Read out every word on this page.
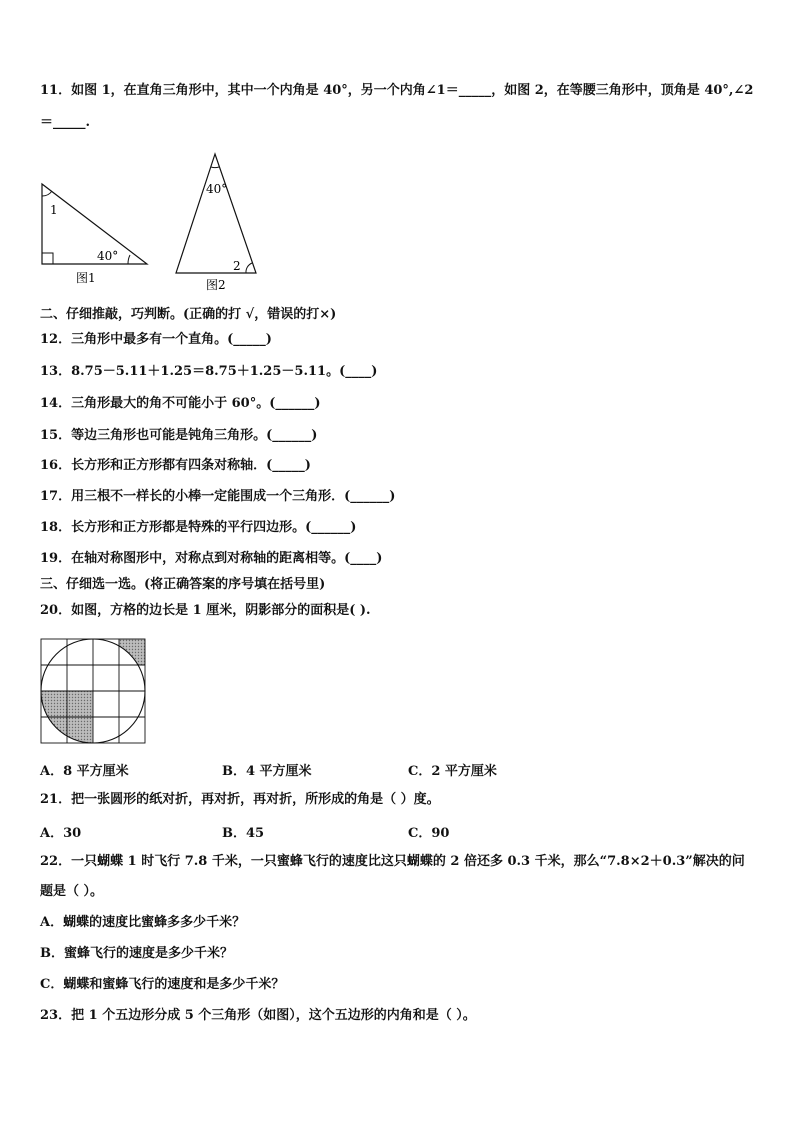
11．如图 1，在直角三角形中，其中一个内角是 40°，另一个内角∠1＝_____，如图 2，在等腰三角形中，顶角是 40°,∠2
＝_____.
1
40°
图1
40°
2
图2
二、仔细推敲，巧判断。(正确的打 √，错误的打×)
12．三角形中最多有一个直角。(_____)
13．8.75－5.11＋1.25＝8.75＋1.25－5.11。(____)
14．三角形最大的角不可能小于 60°。(______)
15．等边三角形也可能是钝角三角形。(______)
16．长方形和正方形都有四条对称轴．(_____)
17．用三根不一样长的小棒一定能围成一个三角形．(______)
18．长方形和正方形都是特殊的平行四边形。(______)
19．在轴对称图形中，对称点到对称轴的距离相等。(____)
三、仔细选一选。(将正确答案的序号填在括号里)
20．如图，方格的边长是 1 厘米，阴影部分的面积是( ).
A．8 平方厘米	B．4 平方厘米	C．2 平方厘米
21．把一张圆形的纸对折，再对折，再对折，所形成的角是（ ）度。
A．30	B．45	C．90
22．一只蝴蝶 1 时飞行 7.8 千米，一只蜜蜂飞行的速度比这只蝴蝶的 2 倍还多 0.3 千米，那么“7.8×2＋0.3”解决的问
题是（ ）。
A．蝴蝶的速度比蜜蜂多多少千米？
B．蜜蜂飞行的速度是多少千米？
C．蝴蝶和蜜蜂飞行的速度和是多少千米？
23．把 1 个五边形分成 5 个三角形（如图），这个五边形的内角和是（ ）。
